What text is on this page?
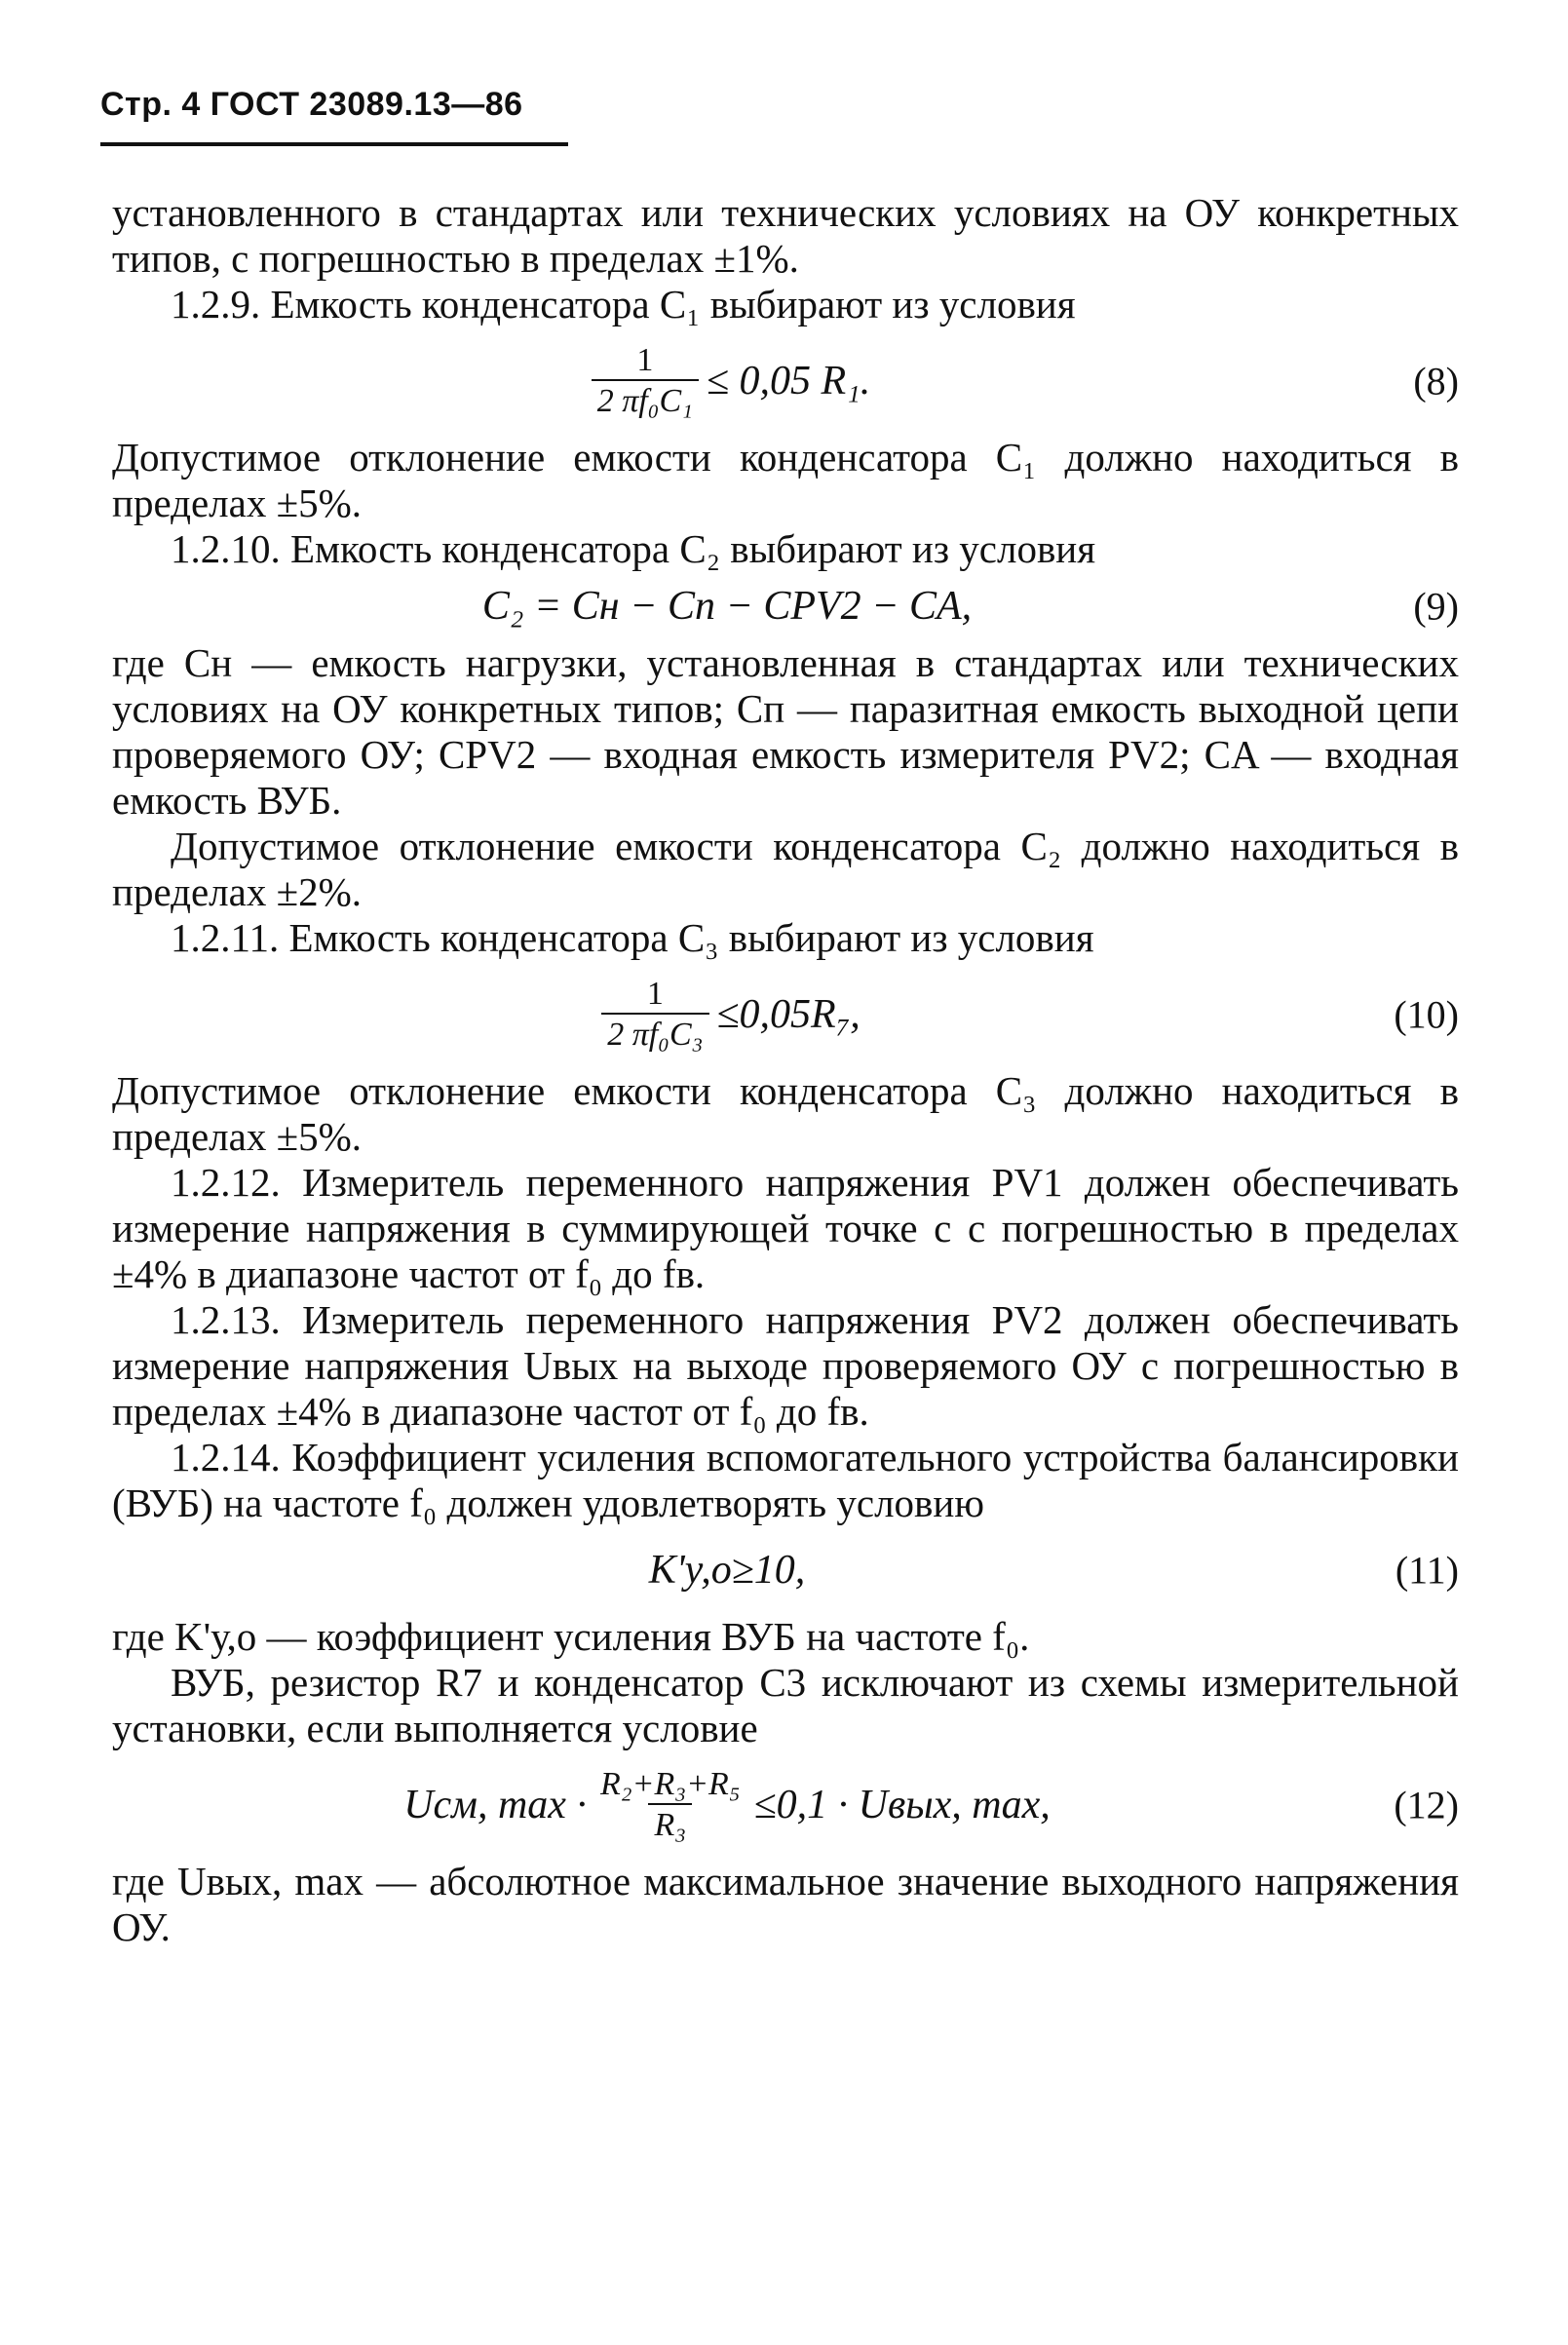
Стр. 4 ГОСТ 23089.13—86

установленного в стандартах или технических условиях на ОУ конкретных типов, с погрешностью в пределах ±1%.

1.2.9. Емкость конденсатора C₁ выбирают из условия

$\frac{1}{\text{2 πf₀C₁}} \le 0,05$ R₁.	(8)

Допустимое отклонение емкости конденсатора C₁ должно находиться в пределах ±5%.

1.2.10. Емкость конденсатора C₂ выбирают из условия

C₂ = Cн − Cп − CPV2 − CA,	(9)

где Cн — емкость нагрузки, установленная в стандартах или технических условиях на ОУ конкретных типов; Cп — паразитная емкость выходной цепи проверяемого ОУ; CPV2 — входная емкость измерителя PV2; CA — входная емкость ВУБ.

Допустимое отклонение емкости конденсатора C₂ должно находиться в пределах ±2%.

1.2.11. Емкость конденсатора C₃ выбирают из условия

$\frac{1}{\text{2 πf₀C₃}} \le 0,05R_7$,	(10)

Допустимое отклонение емкости конденсатора C₃ должно находиться в пределах ±5%.

1.2.12. Измеритель переменного напряжения PV1 должен обеспечивать измерение напряжения в суммирующей точке c с погрешностью в пределах ±4% в диапазоне частот от f₀ до fв.

1.2.13. Измеритель переменного напряжения PV2 должен обеспечивать измерение напряжения Uвых на выходе проверяемого ОУ с погрешностью в пределах ±4% в диапазоне частот от f₀ до fв.

1.2.14. Коэффициент усиления вспомогательного устройства балансировки (ВУБ) на частоте f₀ должен удовлетворять условию

K'у,о≥10,	(11)

где K'у,о — коэффициент усиления ВУБ на частоте f₀.

ВУБ, резистор R7 и конденсатор C3 исключают из схемы измерительной установки, если выполняется условие

Uсм, $\max \cdot \frac{\text{R₂+R₃+R₅}}{\text{R₃}} \le 0,1$ · Uвых, max,	(12)

где Uвых, max — абсолютное максимальное значение выходного напряжения ОУ.
